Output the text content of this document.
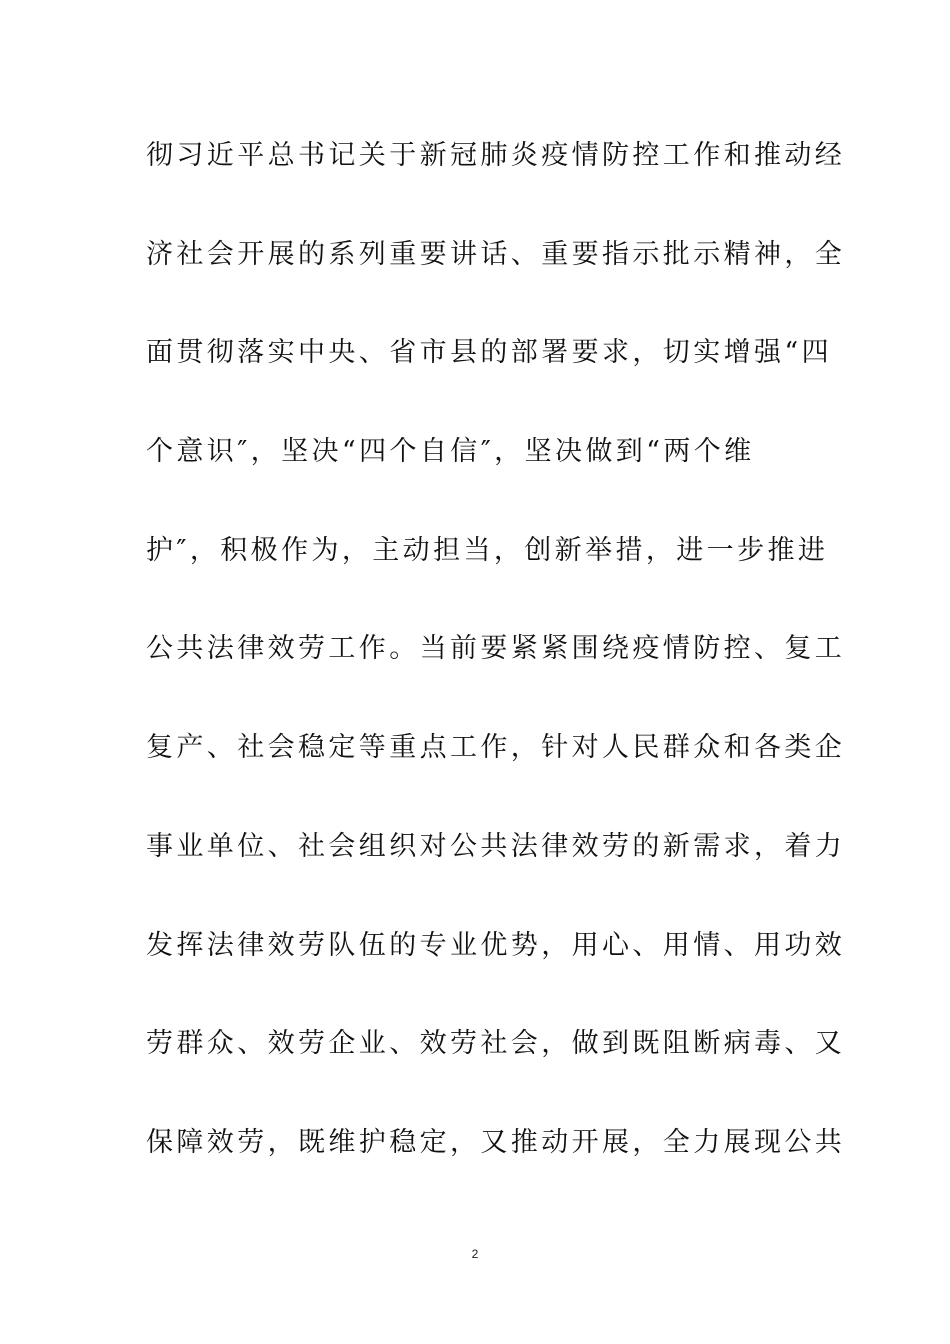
彻习近平总书记关于新冠肺炎疫情防控工作和推动经
济社会开展的系列重要讲话、重要指示批示精神，全
面贯彻落实中央、省市县的部署要求，切实增强“四
个意识″，坚决“四个自信″，坚决做到“两个维
护″，积极作为，主动担当，创新举措，进一步推进
公共法律效劳工作。当前要紧紧围绕疫情防控、复工
复产、社会稳定等重点工作，针对人民群众和各类企
事业单位、社会组织对公共法律效劳的新需求，着力
发挥法律效劳队伍的专业优势，用心、用情、用功效
劳群众、效劳企业、效劳社会，做到既阻断病毒、又
保障效劳，既维护稳定，又推动开展，全力展现公共
2
